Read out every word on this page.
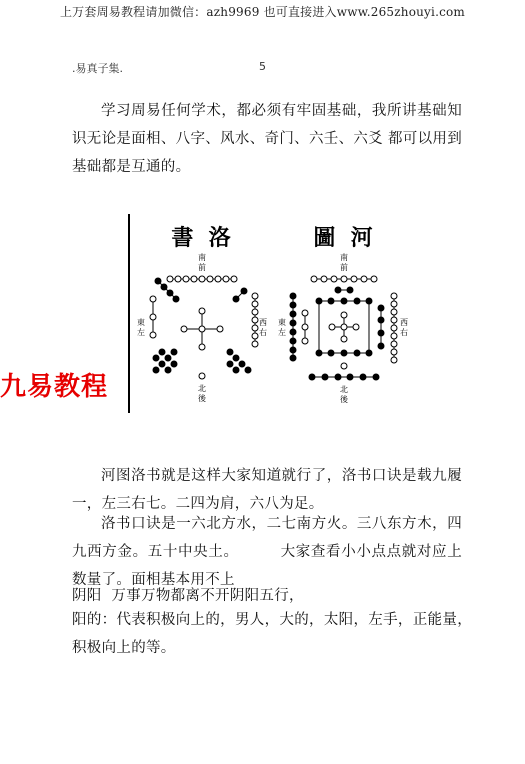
上万套周易教程请加微信：azh9969 也可直接进入www.265zhouyi.com
.易真子集.	5
学习周易任何学术，都必须有牢固基础，我所讲基础知识无论是面相、八字、风水、奇门、六壬、六爻 都可以用到基础都是互通的。
書  洛	圖  河
南
前
東
左
西
右
北
後
南
前
東
左
西
右
北
後
九易教程
河图洛书就是这样大家知道就行了，洛书口诀是载九履一，左三右七。二四为肩，六八为足。
洛书口诀是一六北方水，二七南方火。三八东方木，四九西方金。五十中央土。        大家查看小小点点就对应上数量了。面相基本用不上
阴阳  万事万物都离不开阴阳五行，
阳的：代表积极向上的，男人，大的，太阳，左手，正能量，积极向上的等。
